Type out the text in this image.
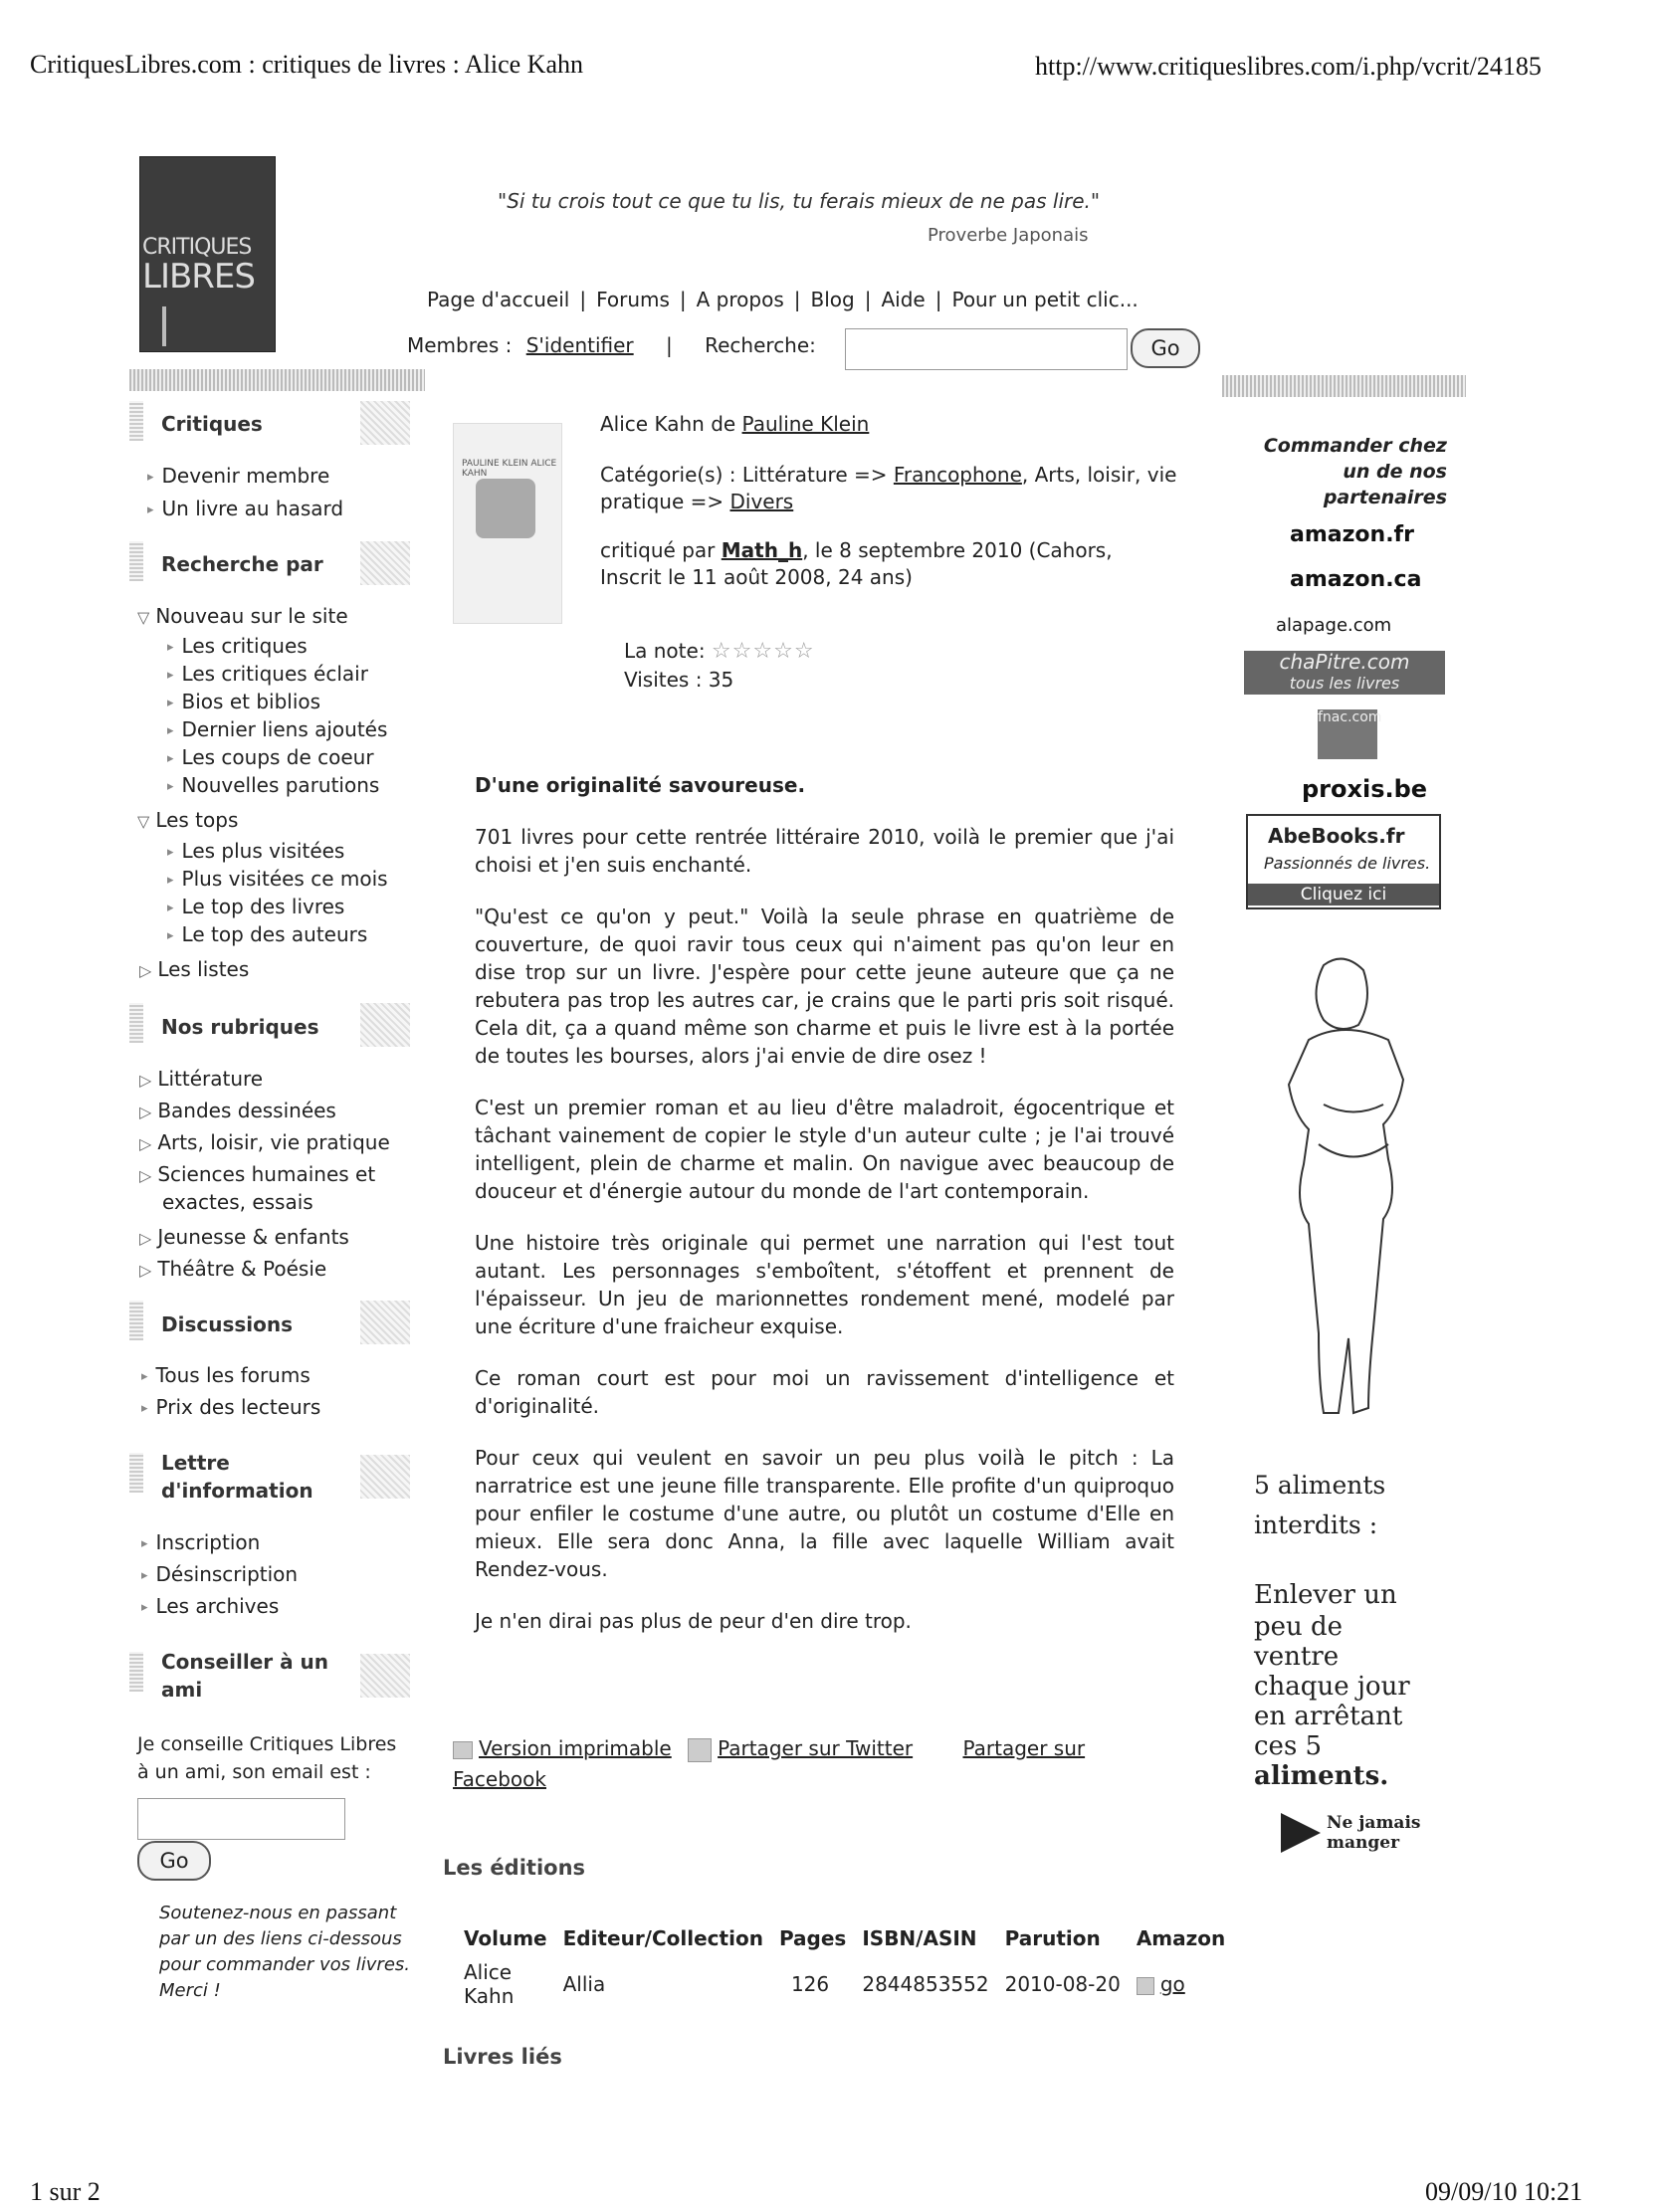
CritiquesLibres.com : critiques de livres : Alice Kahn	http://www.critiqueslibres.com/i.php/vcrit/24185
1 sur 2	09/09/10 10:21
CRITIQUES
LIBRES
"Si tu crois tout ce que tu lis, tu ferais mieux de ne pas lire."
Proverbe Japonais
Page d'accueil | Forums | A propos | Blog | Aide | Pour un petit clic...
Membres : S'identifier | Recherche:	Go
Critiques
▸ Devenir membre
▸ Un livre au hasard
Recherche par
▽ Nouveau sur le site
▸ Les critiques
▸ Les critiques éclair
▸ Bios et biblios
▸ Dernier liens ajoutés
▸ Les coups de coeur
▸ Nouvelles parutions
▽ Les tops
▸ Les plus visitées
▸ Plus visitées ce mois
▸ Le top des livres
▸ Le top des auteurs
▷ Les listes
Nos rubriques
▷ Littérature
▷ Bandes dessinées
▷ Arts, loisir, vie pratique
▷ Sciences humaines et
exactes, essais
▷ Jeunesse & enfants
▷ Théâtre & Poésie
Discussions
▸ Tous les forums
▸ Prix des lecteurs
Lettre
d'information
▸ Inscription
▸ Désinscription
▸ Les archives
Conseiller à un
ami
Je conseille Critiques Libres
à un ami, son email est :
Go
Soutenez-nous en passant par un des liens ci-dessous pour commander vos livres. Merci !
PAULINE KLEIN ALICE KAHN
Alice Kahn de Pauline Klein
Catégorie(s) : Littérature => Francophone, Arts, loisir, vie pratique => Divers
critiqué par Math_h, le 8 septembre 2010 (Cahors, Inscrit le 11 août 2008, 24 ans)
La note: ☆☆☆☆☆
Visites : 35
D'une originalité savoureuse.

701 livres pour cette rentrée littéraire 2010, voilà le premier que j'ai choisi et j'en suis enchanté.

"Qu'est ce qu'on y peut." Voilà la seule phrase en quatrième de couverture, de quoi ravir tous ceux qui n'aiment pas qu'on leur en dise trop sur un livre. J'espère pour cette jeune auteure que ça ne rebutera pas trop les autres car, je crains que le parti pris soit risqué. Cela dit, ça a quand même son charme et puis le livre est à la portée de toutes les bourses, alors j'ai envie de dire osez !

C'est un premier roman et au lieu d'être maladroit, égocentrique et tâchant vainement de copier le style d'un auteur culte ; je l'ai trouvé intelligent, plein de charme et malin. On navigue avec beaucoup de douceur et d'énergie autour du monde de l'art contemporain.

Une histoire très originale qui permet une narration qui l'est tout autant. Les personnages s'emboîtent, s'étoffent et prennent de l'épaisseur. Un jeu de marionnettes rondement mené, modelé par une écriture d'une fraicheur exquise.

Ce roman court est pour moi un ravissement d'intelligence et d'originalité.

Pour ceux qui veulent en savoir un peu plus voilà le pitch : La narratrice est une jeune fille transparente. Elle profite d'un quiproquo pour enfiler le costume d'une autre, ou plutôt un costume d'Elle en mieux. Elle sera donc Anna, la fille avec laquelle William avait Rendez-vous.

Je n'en dirai pas plus de peur d'en dire trop.

Version imprimable Partager sur Twitter	Partager sur
Facebook
Les éditions
Volume	Editeur/Collection	Pages	ISBN/ASIN	Parution	Amazon
Alice
Kahn	Allia	126	2844853552	2010-08-20	go
Livres liés
Commander chez un de nos partenaires
amazon.fr
amazon.ca
alapage.com
chaPitre.com
tous les livres
fnac.com
proxis.be
AbeBooks.fr
Passionnés de livres.
Cliquez ici
5 aliments
interdits :
Enlever un
peu de
ventre
chaque jour
en arrêtant
ces 5
aliments.
Ne jamais
manger
